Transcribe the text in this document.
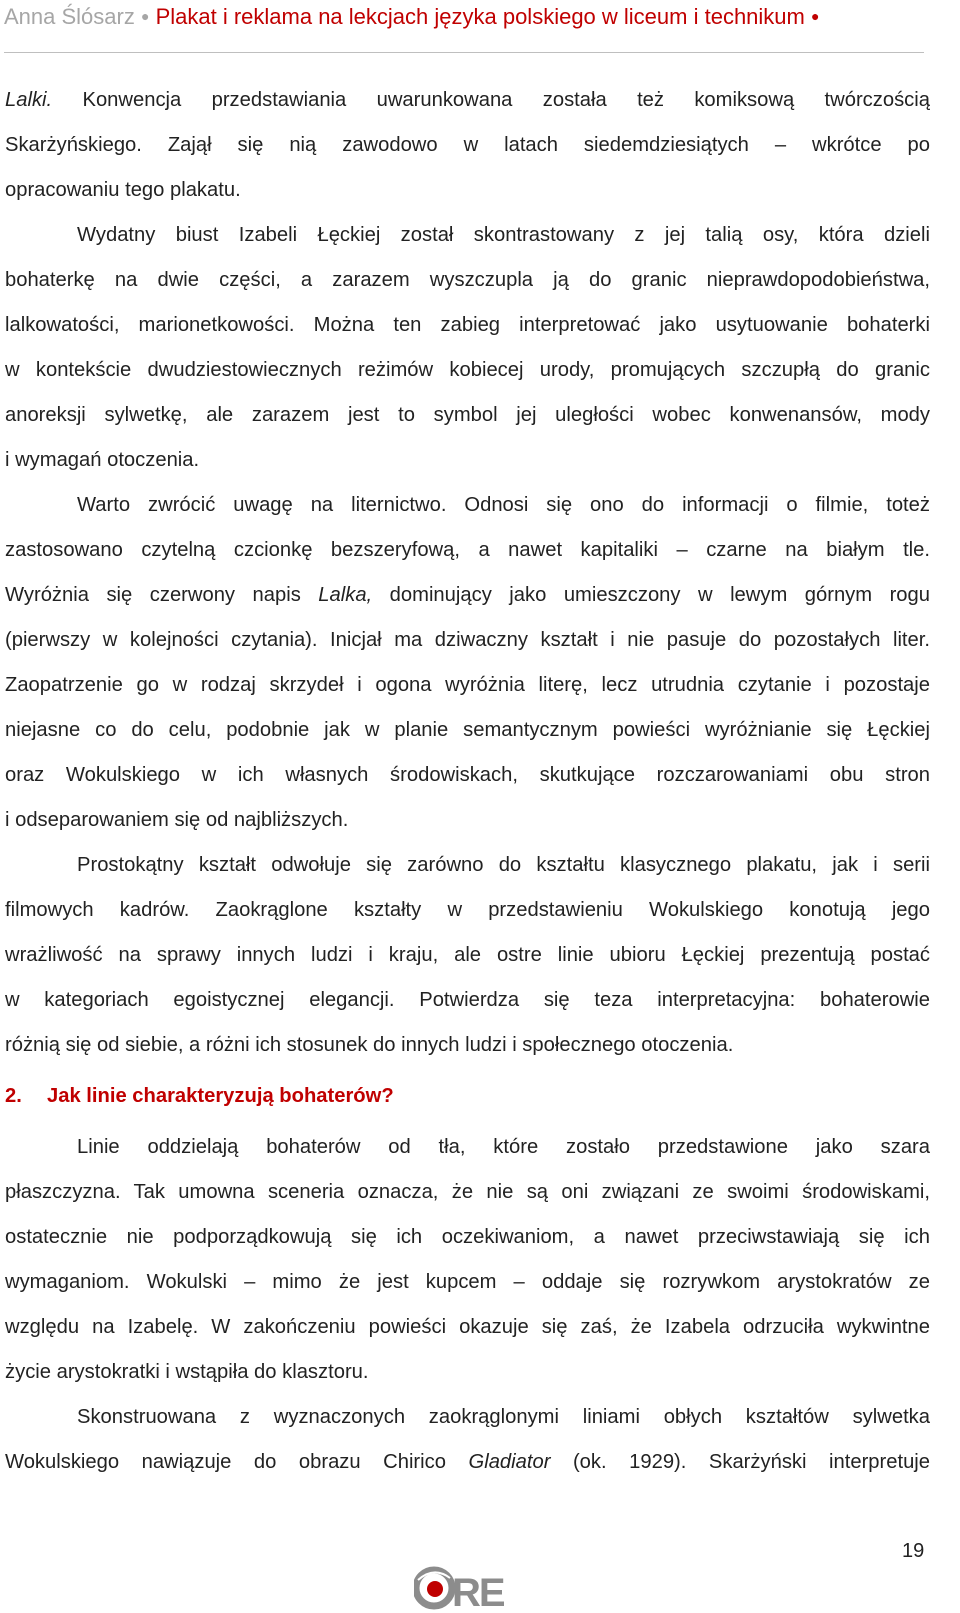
Anna Ślósarz ● Plakat i reklama na lekcjach języka polskiego w liceum i technikum ●
Lalki. Konwencja przedstawiania uwarunkowana została też komiksową twórczością
Skarżyńskiego. Zajął się nią zawodowo w latach siedemdziesiątych – wkrótce po
opracowaniu tego plakatu.
Wydatny biust Izabeli Łęckiej został skontrastowany z jej talią osy, która dzieli
bohaterkę na dwie części, a zarazem wyszczupla ją do granic nieprawdopodobieństwa,
lalkowatości, marionetkowości. Można ten zabieg interpretować jako usytuowanie bohaterki
w kontekście dwudziestowiecznych reżimów kobiecej urody, promujących szczupłą do granic
anoreksji sylwetkę, ale zarazem jest to symbol jej uległości wobec konwenansów, mody
i wymagań otoczenia.
Warto zwrócić uwagę na liternictwo. Odnosi się ono do informacji o filmie, toteż
zastosowano czytelną czcionkę bezszeryfową, a nawet kapitaliki – czarne na białym tle.
Wyróżnia się czerwony napis Lalka, dominujący jako umieszczony w lewym górnym rogu
(pierwszy w kolejności czytania). Inicjał ma dziwaczny kształt i nie pasuje do pozostałych liter.
Zaopatrzenie go w rodzaj skrzydeł i ogona wyróżnia literę, lecz utrudnia czytanie i pozostaje
niejasne co do celu, podobnie jak w planie semantycznym powieści wyróżnianie się Łęckiej
oraz Wokulskiego w ich własnych środowiskach, skutkujące rozczarowaniami obu stron
i odseparowaniem się od najbliższych.
Prostokątny kształt odwołuje się zarówno do kształtu klasycznego plakatu, jak i serii
filmowych kadrów. Zaokrąglone kształty w przedstawieniu Wokulskiego konotują jego
wrażliwość na sprawy innych ludzi i kraju, ale ostre linie ubioru Łęckiej prezentują postać
w kategoriach egoistycznej elegancji. Potwierdza się teza interpretacyjna: bohaterowie
różnią się od siebie, a różni ich stosunek do innych ludzi i społecznego otoczenia.
2. Jak linie charakteryzują bohaterów?
Linie oddzielają bohaterów od tła, które zostało przedstawione jako szara
płaszczyzna. Tak umowna sceneria oznacza, że nie są oni związani ze swoimi środowiskami,
ostatecznie nie podporządkowują się ich oczekiwaniom, a nawet przeciwstawiają się ich
wymaganiom. Wokulski – mimo że jest kupcem – oddaje się rozrywkom arystokratów ze
względu na Izabelę. W zakończeniu powieści okazuje się zaś, że Izabela odrzuciła wykwintne
życie arystokratki i wstąpiła do klasztoru.
Skonstruowana z wyznaczonych zaokrąglonymi liniami obłych kształtów sylwetka
Wokulskiego nawiązuje do obrazu Chirico Gladiator (ok. 1929). Skarżyński interpretuje
19
RE
